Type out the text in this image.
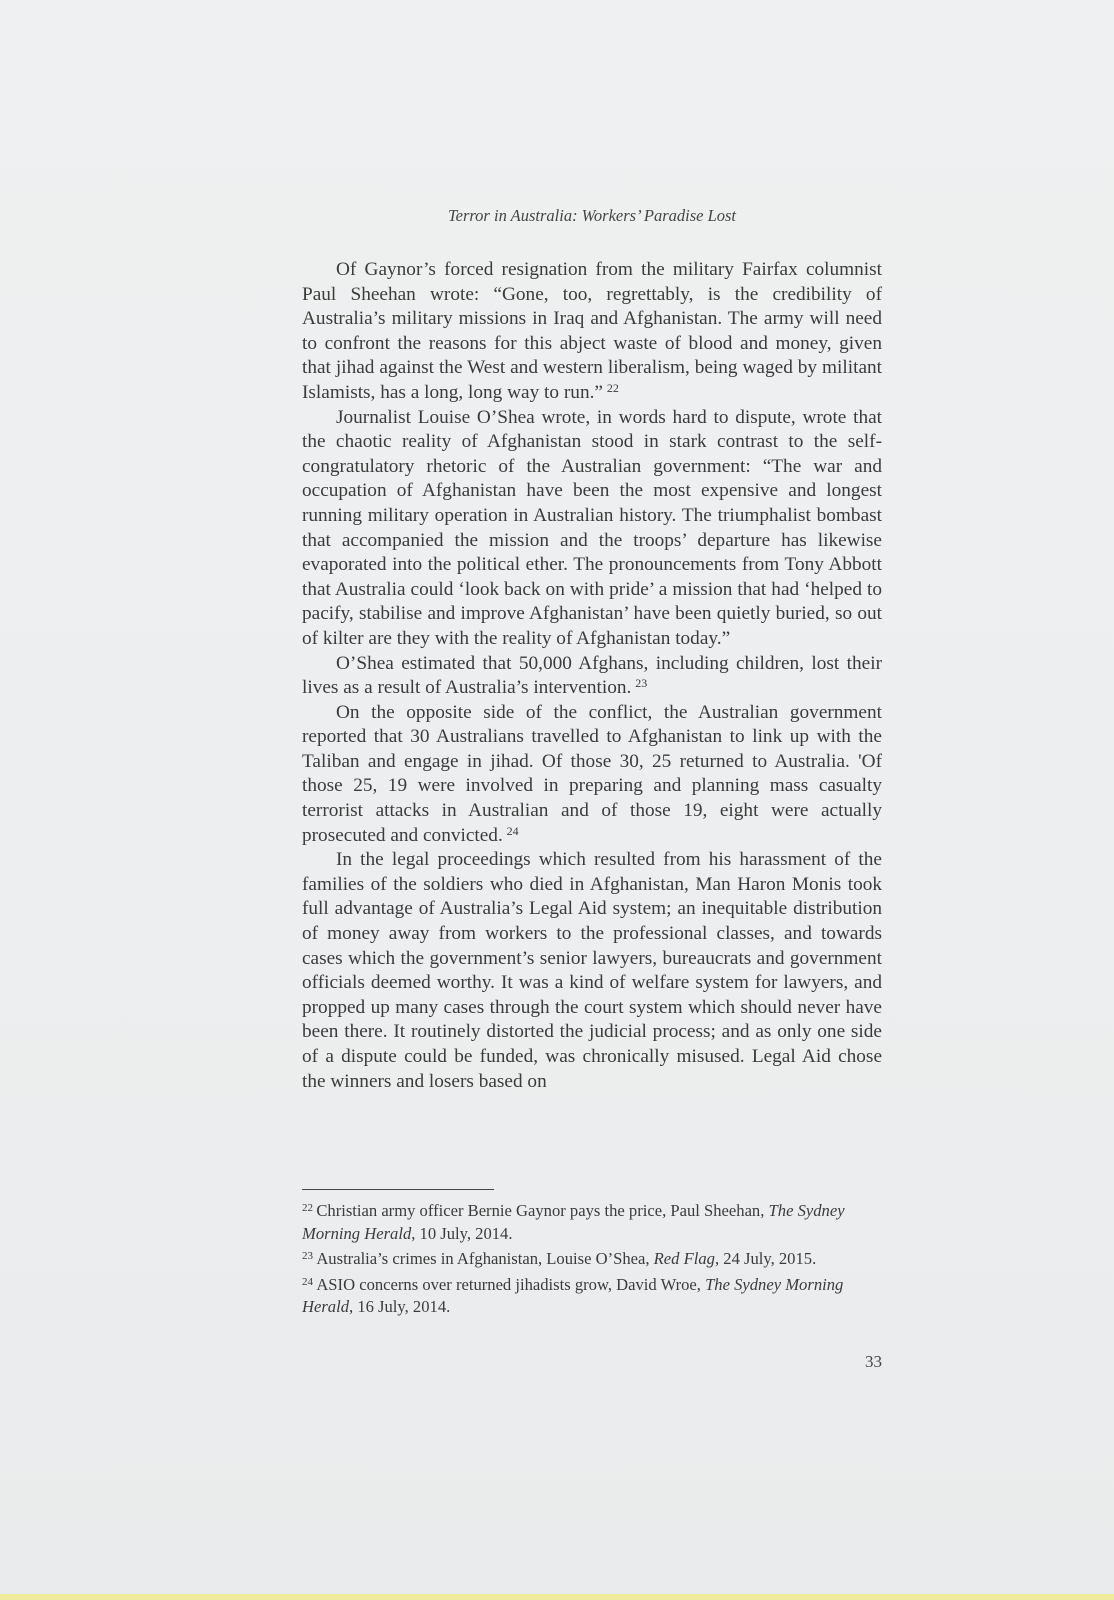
Terror in Australia: Workers’ Paradise Lost

Of Gaynor’s forced resignation from the military Fairfax columnist Paul Sheehan wrote: “Gone, too, regrettably, is the credibility of Australia’s military missions in Iraq and Afghanistan. The army will need to confront the reasons for this abject waste of blood and money, given that jihad against the West and western liberalism, being waged by militant Islamists, has a long, long way to run.”  $^{22}$

Journalist Louise O’Shea wrote, in words hard to dispute, wrote that the chaotic reality of Afghanistan stood in stark contrast to the self-congratulatory rhetoric of the Australian government: “The war and occupation of Afghanistan have been the most expensive and longest running military operation in Australian history. The triumphalist bombast that accompanied the mission and the troops’ departure has likewise evaporated into the political ether. The pronouncements from Tony Abbott that Australia could ‘look back on with pride’ a mission that had ‘helped to pacify, stabilise and improve Afghanistan’ have been quietly buried, so out of kilter are they with the reality of Afghanistan today.”

O’Shea estimated that 50,000 Afghans, including children, lost their lives as a result of Australia’s intervention.  $^{23}$

On the opposite side of the conflict, the Australian government reported that 30 Australians travelled to Afghanistan to link up with the Taliban and engage in jihad. Of those 30, 25 returned to Australia. 'Of those 25, 19 were involved in preparing and planning mass casualty terrorist attacks in Australian and of those 19, eight were actually prosecuted and convicted.  $^{24}$

In the legal proceedings which resulted from his harassment of the families of the soldiers who died in Afghanistan, Man Haron Monis took full advantage of Australia’s Legal Aid system; an inequitable distribution of money away from workers to the professional classes, and towards cases which the government’s senior lawyers, bureaucrats and government officials deemed worthy. It was a kind of welfare system for lawyers, and propped up many cases through the court system which should never have been there. It routinely distorted the judicial process; and as only one side of a dispute could be funded, was chronically misused. Legal Aid chose the winners and losers based on

$^{22}$  Christian army officer Bernie Gaynor pays the price, Paul Sheehan, The Sydney Morning Herald, 10 July, 2014.

$^{23}$  Australia’s crimes in Afghanistan, Louise O’Shea, Red Flag, 24 July, 2015.

$^{24}$  ASIO concerns over returned jihadists grow, David Wroe, The Sydney Morning Herald, 16 July, 2014.

33
